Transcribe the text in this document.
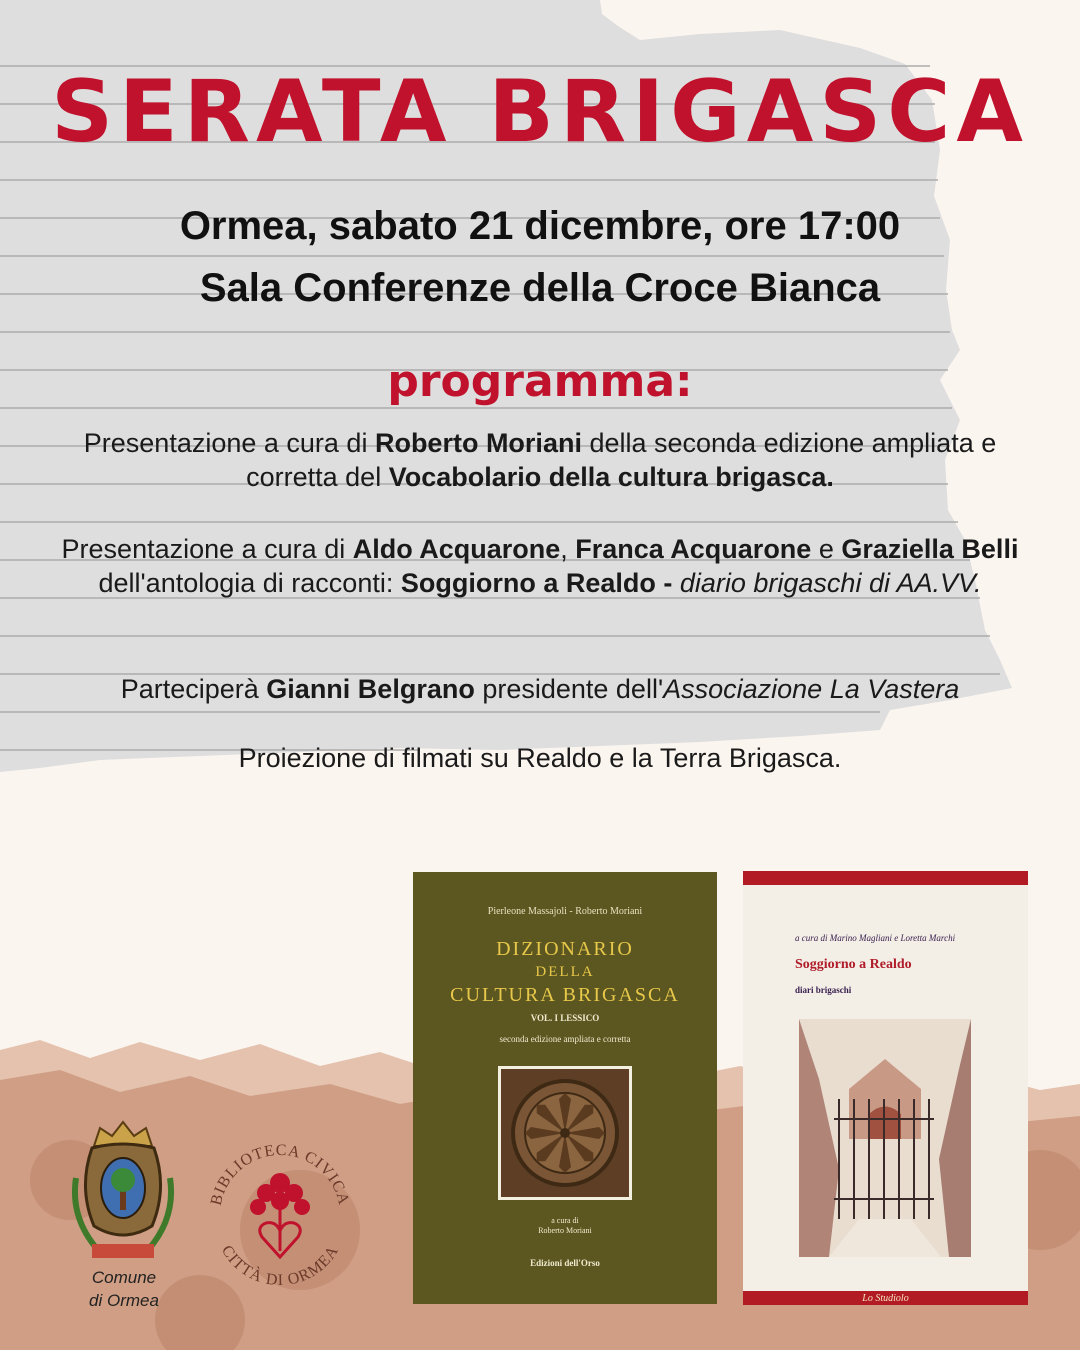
SERATA BRIGASCA
Ormea, sabato 21 dicembre, ore 17:00
Sala Conferenze della Croce Bianca
programma:
Presentazione a cura di Roberto Moriani della seconda edizione ampliata e corretta del Vocabolario della cultura brigasca.
Presentazione a cura di Aldo Acquarone, Franca Acquarone e Graziella Belli dell'antologia di racconti: Soggiorno a Realdo - diario brigaschi di AA.VV.
Parteciperà Gianni Belgrano presidente dell'Associazione La Vastera
Proiezione di filmati su Realdo e la Terra Brigasca.
Pierleone Massajoli - Roberto Moriani
DIZIONARIO
DELLA
CULTURA BRIGASCA
VOL. I LESSICO
seconda edizione ampliata e corretta
a cura di
Roberto Moriani
Edizioni dell'Orso
a cura di Marino Magliani e Loretta Marchi
Soggiorno a Realdo
diari brigaschi
Lo Studiolo
Comune
di Ormea
BIBLIOTECA CIVICA
CITTÀ DI ORMEA
